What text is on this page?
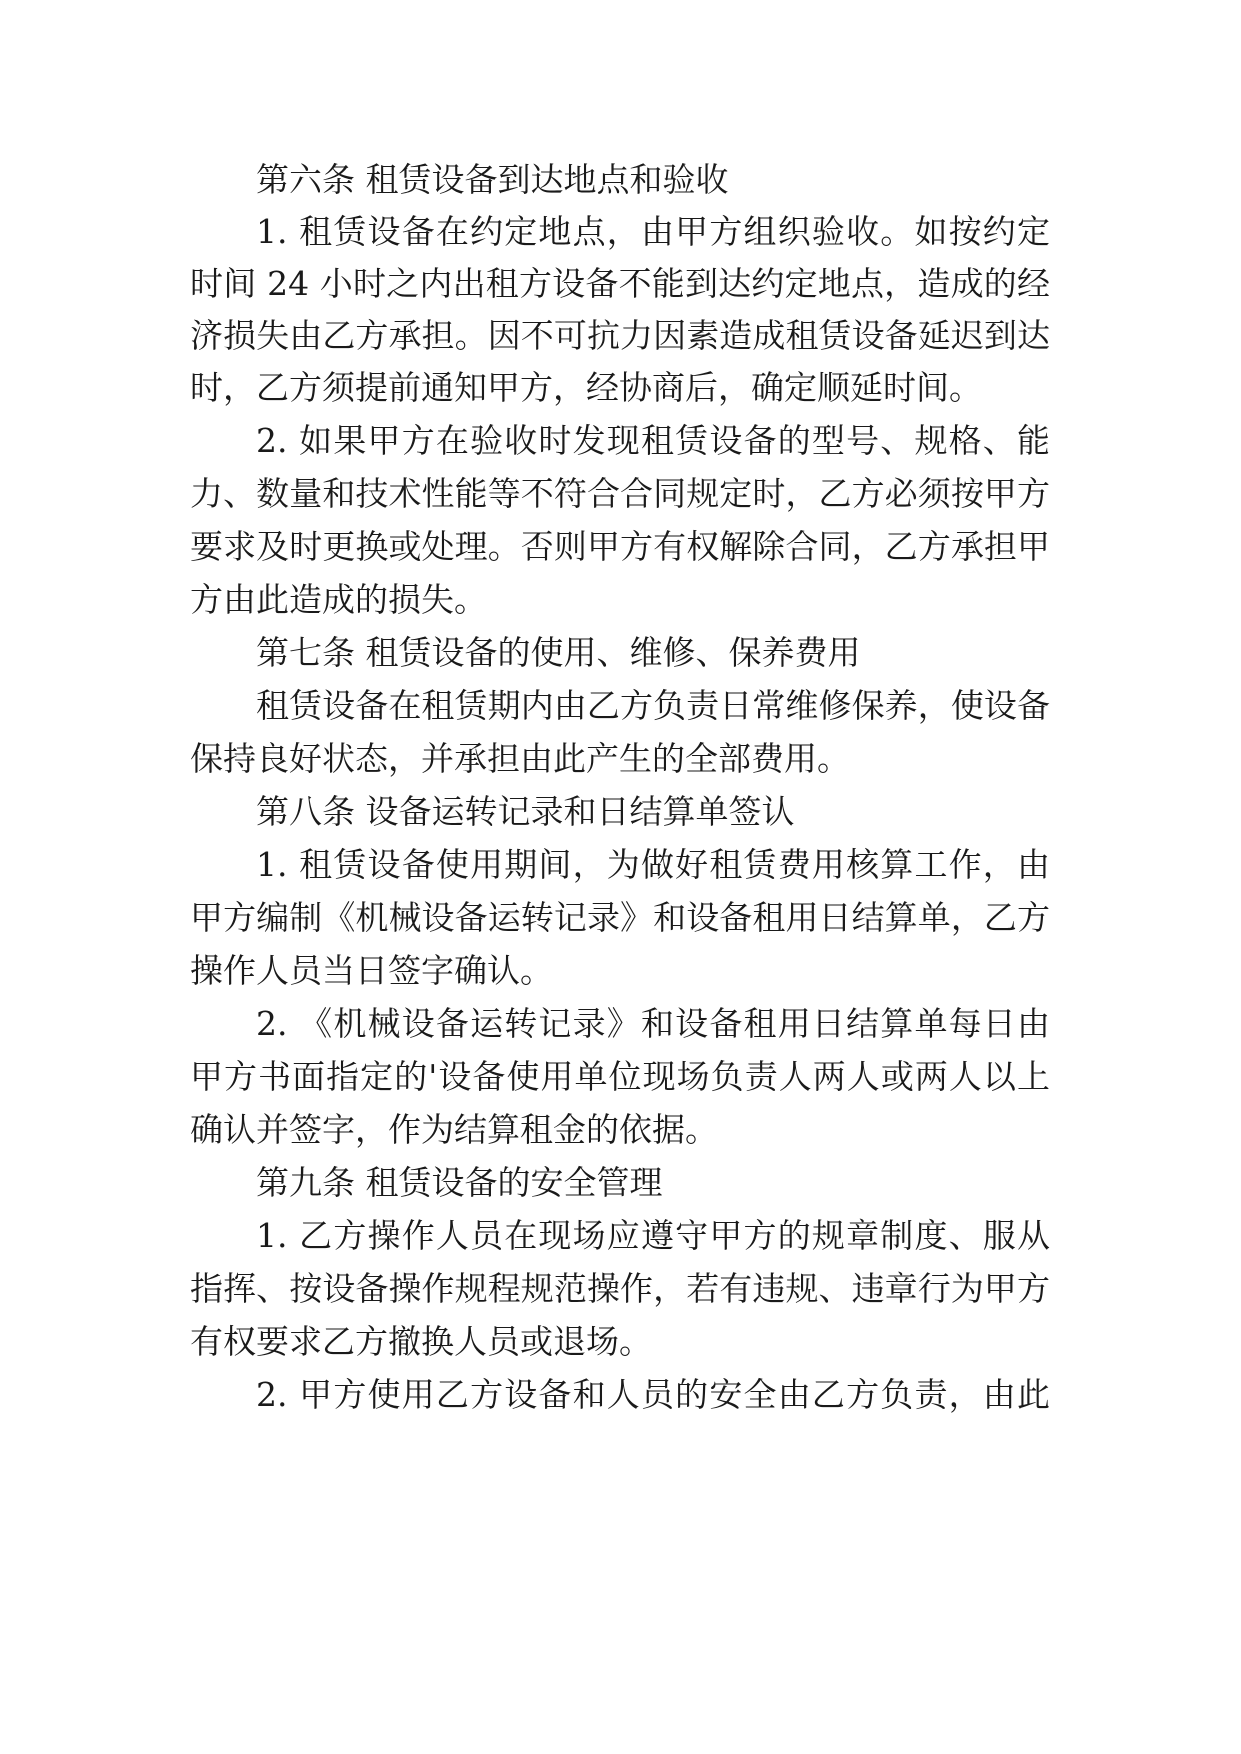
第六条 租赁设备到达地点和验收
1. 租赁设备在约定地点，由甲方组织验收。如按约定
时间 24 小时之内出租方设备不能到达约定地点，造成的经
济损失由乙方承担。因不可抗力因素造成租赁设备延迟到达
时，乙方须提前通知甲方，经协商后，确定顺延时间。
2. 如果甲方在验收时发现租赁设备的型号、规格、能
力、数量和技术性能等不符合合同规定时，乙方必须按甲方
要求及时更换或处理。否则甲方有权解除合同，乙方承担甲
方由此造成的损失。
第七条 租赁设备的使用、维修、保养费用
租赁设备在租赁期内由乙方负责日常维修保养，使设备
保持良好状态，并承担由此产生的全部费用。
第八条 设备运转记录和日结算单签认
1. 租赁设备使用期间，为做好租赁费用核算工作，由
甲方编制《机械设备运转记录》和设备租用日结算单，乙方
操作人员当日签字确认。
2. 《机械设备运转记录》和设备租用日结算单每日由
甲方书面指定的'设备使用单位现场负责人两人或两人以上
确认并签字，作为结算租金的依据。
第九条 租赁设备的安全管理
1. 乙方操作人员在现场应遵守甲方的规章制度、服从
指挥、按设备操作规程规范操作，若有违规、违章行为甲方
有权要求乙方撤换人员或退场。
2. 甲方使用乙方设备和人员的安全由乙方负责，由此
